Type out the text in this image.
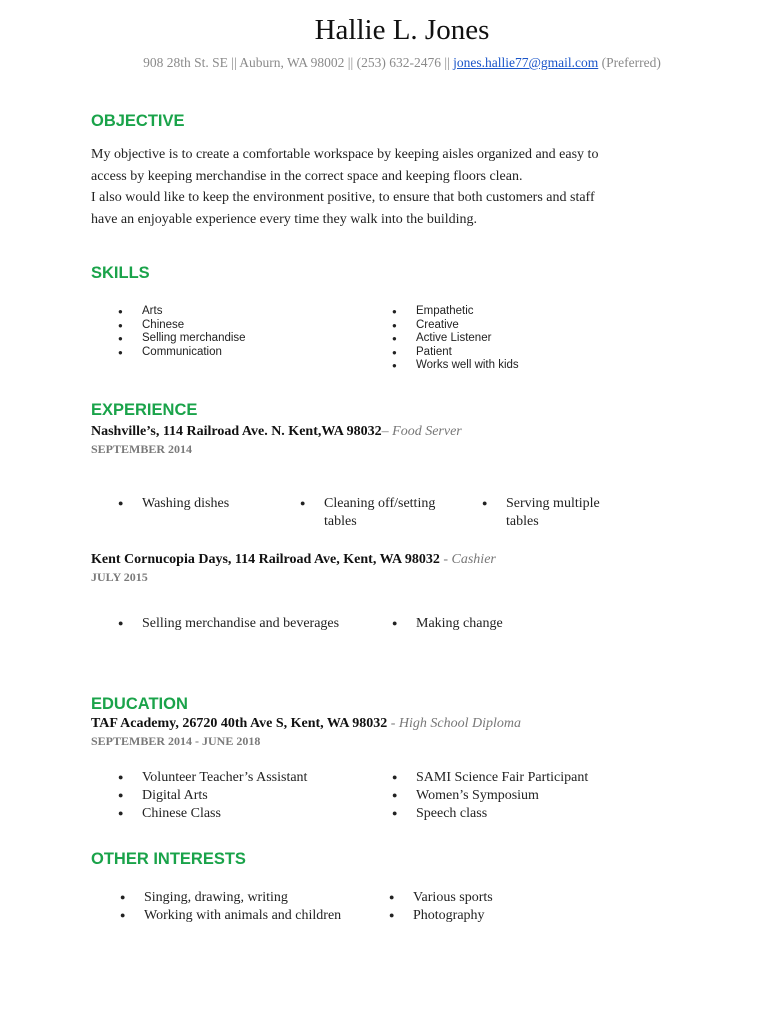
Hallie L. Jones
908 28th St. SE || Auburn, WA 98002 || (253) 632-2476 || jones.hallie77@gmail.com (Preferred)
OBJECTIVE
My objective is to create a comfortable workspace by keeping aisles organized and easy to
access by keeping merchandise in the correct space and keeping floors clean.
I also would like to keep the environment positive, to ensure that both customers and staff
have an enjoyable experience every time they walk into the building.
SKILLS
● Arts
● Chinese
● Selling merchandise
● Communication
● Empathetic
● Creative
● Active Listener
● Patient
● Works well with kids
EXPERIENCE
Nashville’s, 114 Railroad Ave. N. Kent,WA 98032– Food Server
SEPTEMBER 2014
● Washing dishes	● Cleaning off/setting tables
● Serving multiple tables
Kent Cornucopia Days, 114 Railroad Ave, Kent, WA 98032 - Cashier
JULY 2015
● Selling merchandise and beverages	● Making change
EDUCATION
TAF Academy, 26720 40th Ave S, Kent, WA 98032 - High School Diploma
SEPTEMBER 2014 - JUNE 2018
● Volunteer Teacher’s Assistant
● Digital Arts
● Chinese Class
● SAMI Science Fair Participant
● Women’s Symposium
● Speech class
OTHER INTERESTS
● Singing, drawing, writing
● Working with animals and children
● Various sports
● Photography
